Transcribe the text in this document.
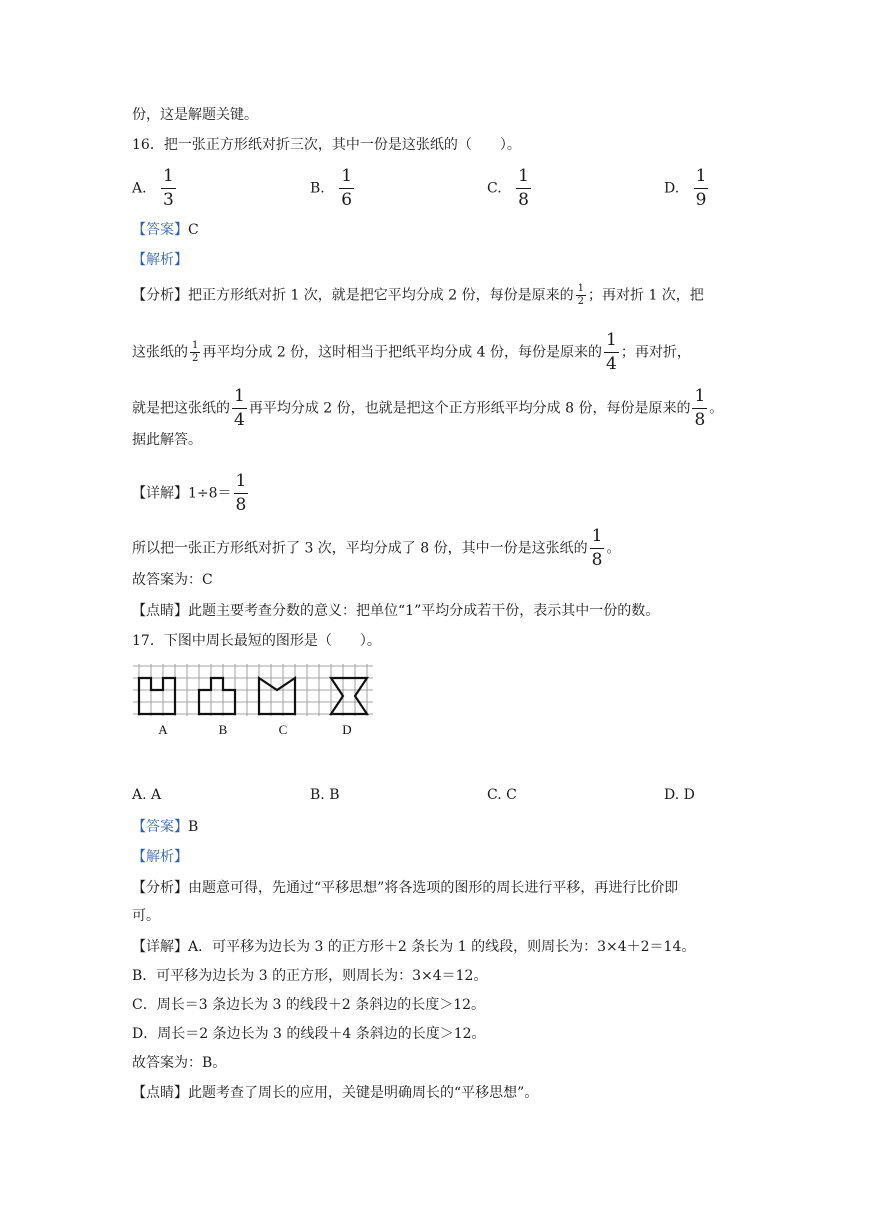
份，这是解题关键。
16．把一张正方形纸对折三次，其中一份是这张纸的（　　）。
A. $\frac{1}{3}$	B. $\frac{1}{6}$	C. $\frac{1}{8}$	D. $\frac{1}{9}$
【答案】C
【解析】
【分析】把正方形纸对折 1 次，就是把它平均分成 2 份，每份是原来的 $\frac{1}{2}$ ；再对折 1 次，把
这张纸的 $\frac{1}{2}$ 再平均分成 2 份，这时相当于把纸平均分成 4 份，每份是原来的 $\frac{1}{4}$ ；再对折，
就是把这张纸的 $\frac{1}{4}$ 再平均分成 2 份，也就是把这个正方形纸平均分成 8 份，每份是原来的 $\frac{1}{8}$ 。
据此解答。
【详解】$1\div 8= \frac{1}{8}$
所以把一张正方形纸对折了 3 次，平均分成了 8 份，其中一份是这张纸的 $\frac{1}{8}$ 。
故答案为：C
【点睛】此题主要考查分数的意义：把单位“1”平均分成若干份，表示其中一份的数。
17．下图中周长最短的图形是（　　）。
A	B	C	D
A. A	B. B	C. C	D. D
【答案】B
【解析】
【分析】由题意可得，先通过“平移思想”将各选项的图形的周长进行平移，再进行比价即
可。
【详解】A．可平移为边长为 3 的正方形＋2 条长为 1 的线段，则周长为：3×4＋2＝14。
B．可平移为边长为 3 的正方形，则周长为：3×4＝12。
C．周长＝3 条边长为 3 的线段＋2 条斜边的长度＞12。
D．周长＝2 条边长为 3 的线段＋4 条斜边的长度＞12。
故答案为：B。
【点睛】此题考查了周长的应用，关键是明确周长的“平移思想”。
